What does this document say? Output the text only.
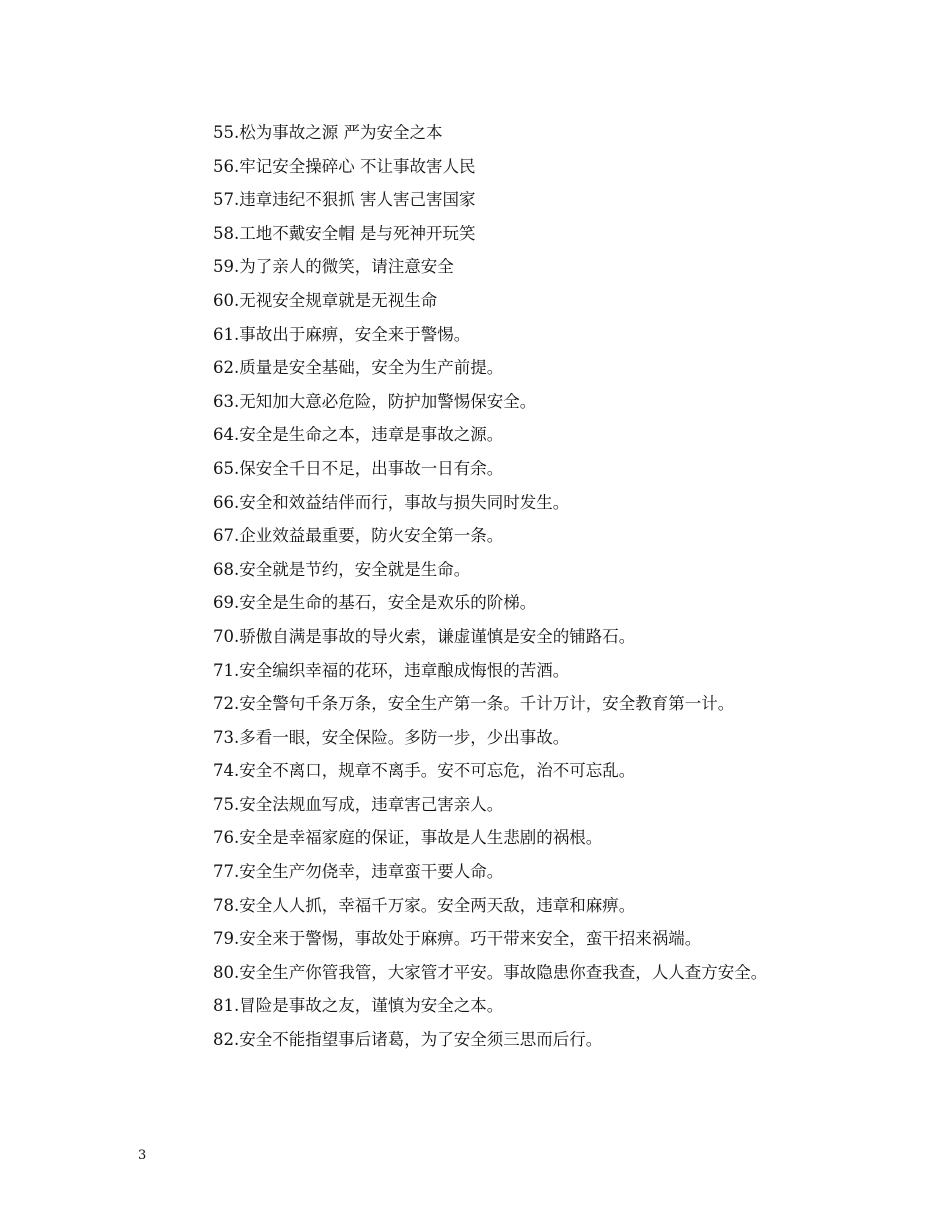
55.松为事故之源 严为安全之本
56.牢记安全操碎心 不让事故害人民
57.违章违纪不狠抓 害人害己害国家
58.工地不戴安全帽 是与死神开玩笑
59.为了亲人的微笑，请注意安全
60.无视安全规章就是无视生命
61.事故出于麻痹，安全来于警惕。
62.质量是安全基础，安全为生产前提。
63.无知加大意必危险，防护加警惕保安全。
64.安全是生命之本，违章是事故之源。
65.保安全千日不足，出事故一日有余。
66.安全和效益结伴而行，事故与损失同时发生。
67.企业效益最重要，防火安全第一条。
68.安全就是节约，安全就是生命。
69.安全是生命的基石，安全是欢乐的阶梯。
70.骄傲自满是事故的导火索，谦虚谨慎是安全的铺路石。
71.安全编织幸福的花环，违章酿成悔恨的苦酒。
72.安全警句千条万条，安全生产第一条。千计万计，安全教育第一计。
73.多看一眼，安全保险。多防一步，少出事故。
74.安全不离口，规章不离手。安不可忘危，治不可忘乱。
75.安全法规血写成，违章害己害亲人。
76.安全是幸福家庭的保证，事故是人生悲剧的祸根。
77.安全生产勿侥幸，违章蛮干要人命。
78.安全人人抓，幸福千万家。安全两天敌，违章和麻痹。
79.安全来于警惕，事故处于麻痹。巧干带来安全，蛮干招来祸端。
80.安全生产你管我管，大家管才平安。事故隐患你查我查，人人查方安全。
81.冒险是事故之友，谨慎为安全之本。
82.安全不能指望事后诸葛，为了安全须三思而后行。
3
